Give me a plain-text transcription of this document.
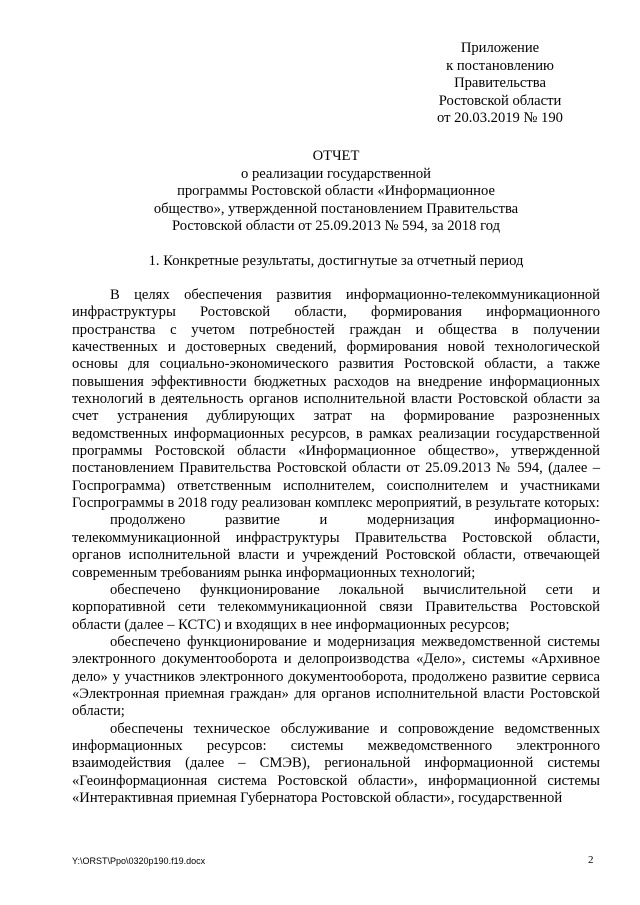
Приложение
к постановлению
Правительства
Ростовской области
от 20.03.2019 № 190
ОТЧЕТ
о реализации государственной
программы Ростовской области «Информационное
общество», утвержденной постановлением Правительства
Ростовской области от 25.09.2013 № 594, за 2018 год
1. Конкретные результаты, достигнутые за отчетный период

В целях обеспечения развития информационно-телекоммуникационной инфраструктуры Ростовской области, формирования информационного пространства с учетом потребностей граждан и общества в получении качественных и достоверных сведений, формирования новой технологической основы для социально-экономического развития Ростовской области, а также повышения эффективности бюджетных расходов на внедрение информационных технологий в деятельность органов исполнительной власти Ростовской области за счет устранения дублирующих затрат на формирование разрозненных ведомственных информационных ресурсов, в рамках реализации государственной программы Ростовской области «Информационное общество», утвержденной постановлением Правительства Ростовской области от 25.09.2013 № 594, (далее – Госпрограмма) ответственным исполнителем, соисполнителем и участниками Госпрограммы в 2018 году реализован комплекс мероприятий, в результате которых:

продолжено развитие и модернизация информационно-телекоммуникационной инфраструктуры Правительства Ростовской области, органов исполнительной власти и учреждений Ростовской области, отвечающей современным требованиям рынка информационных технологий;

обеспечено функционирование локальной вычислительной сети и корпоративной сети телекоммуникационной связи Правительства Ростовской области (далее – КСТС) и входящих в нее информационных ресурсов;

обеспечено функционирование и модернизация межведомственной системы электронного документооборота и делопроизводства «Дело», системы «Архивное дело» у участников электронного документооборота, продолжено развитие сервиса «Электронная приемная граждан» для органов исполнительной власти Ростовской области;

обеспечены техническое обслуживание и сопровождение ведомственных информационных ресурсов: системы межведомственного электронного взаимодействия (далее – СМЭВ), региональной информационной системы «Геоинформационная система Ростовской области», информационной системы «Интерактивная приемная Губернатора Ростовской области», государственной

Y:\ORST\Ppo\0320p190.f19.docx	2
